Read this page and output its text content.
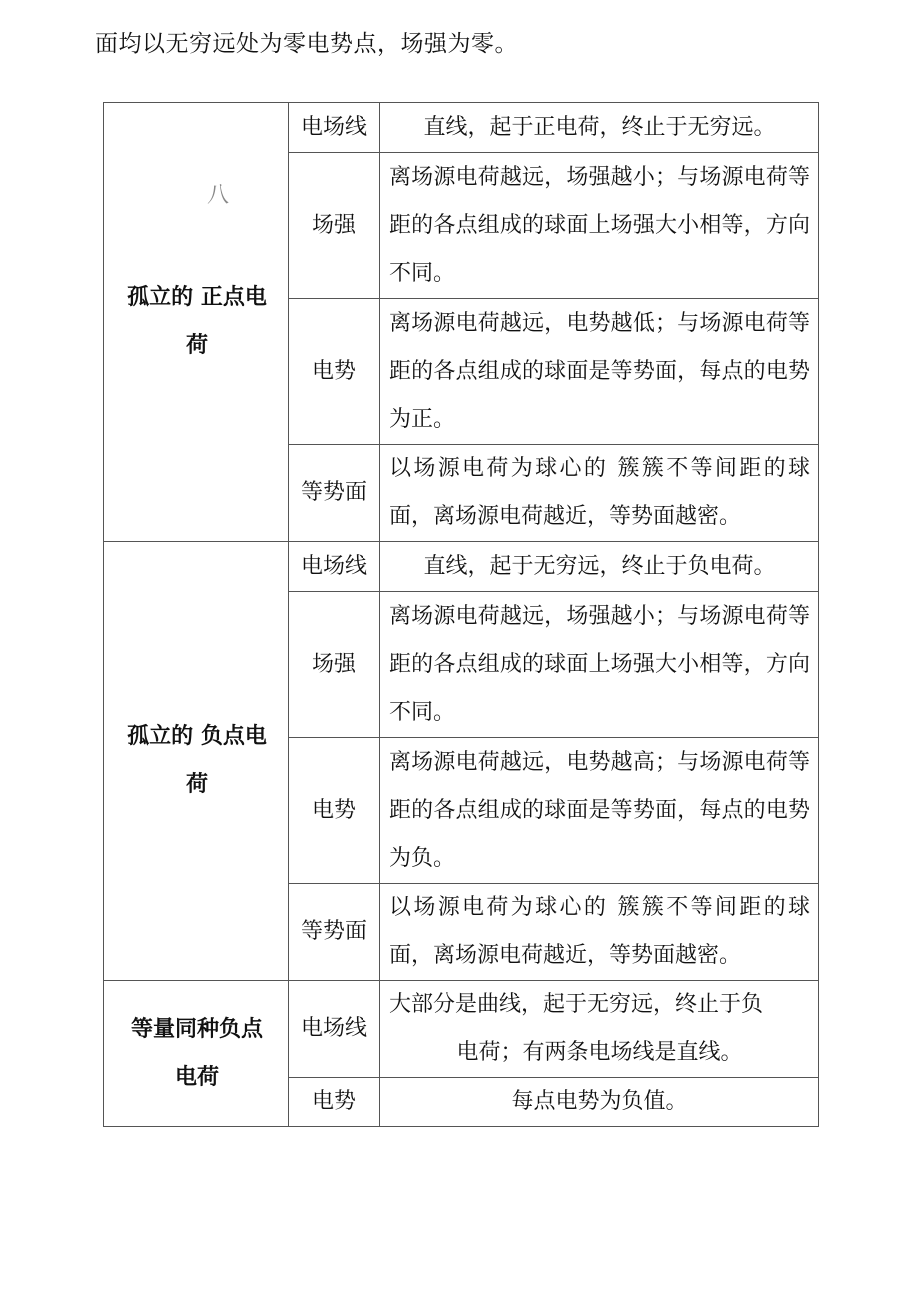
面均以无穷远处为零电势点，场强为零。
八
孤立的 正点电荷	电场线	直线，起于正电荷，终止于无穷远。
	场强	离场源电荷越远，场强越小；与场源电荷等距的各点组成的球面上场强大小相等，方向不同。
	电势	离场源电荷越远，电势越低；与场源电荷等距的各点组成的球面是等势面，每点的电势为正。
	等势面	以场源电荷为球心的 簇簇不等间距的球面，离场源电荷越近，等势面越密。
孤立的 负点电荷	电场线	直线，起于无穷远，终止于负电荷。
	场强	离场源电荷越远，场强越小；与场源电荷等距的各点组成的球面上场强大小相等，方向不同。
	电势	离场源电荷越远，电势越高；与场源电荷等距的各点组成的球面是等势面，每点的电势为负。
	等势面	以场源电荷为球心的 簇簇不等间距的球面，离场源电荷越近，等势面越密。
等量同种负点电荷	电场线	大部分是曲线，起于无穷远，终止于负
电荷；有两条电场线是直线。

	电势	每点电势为负值。
